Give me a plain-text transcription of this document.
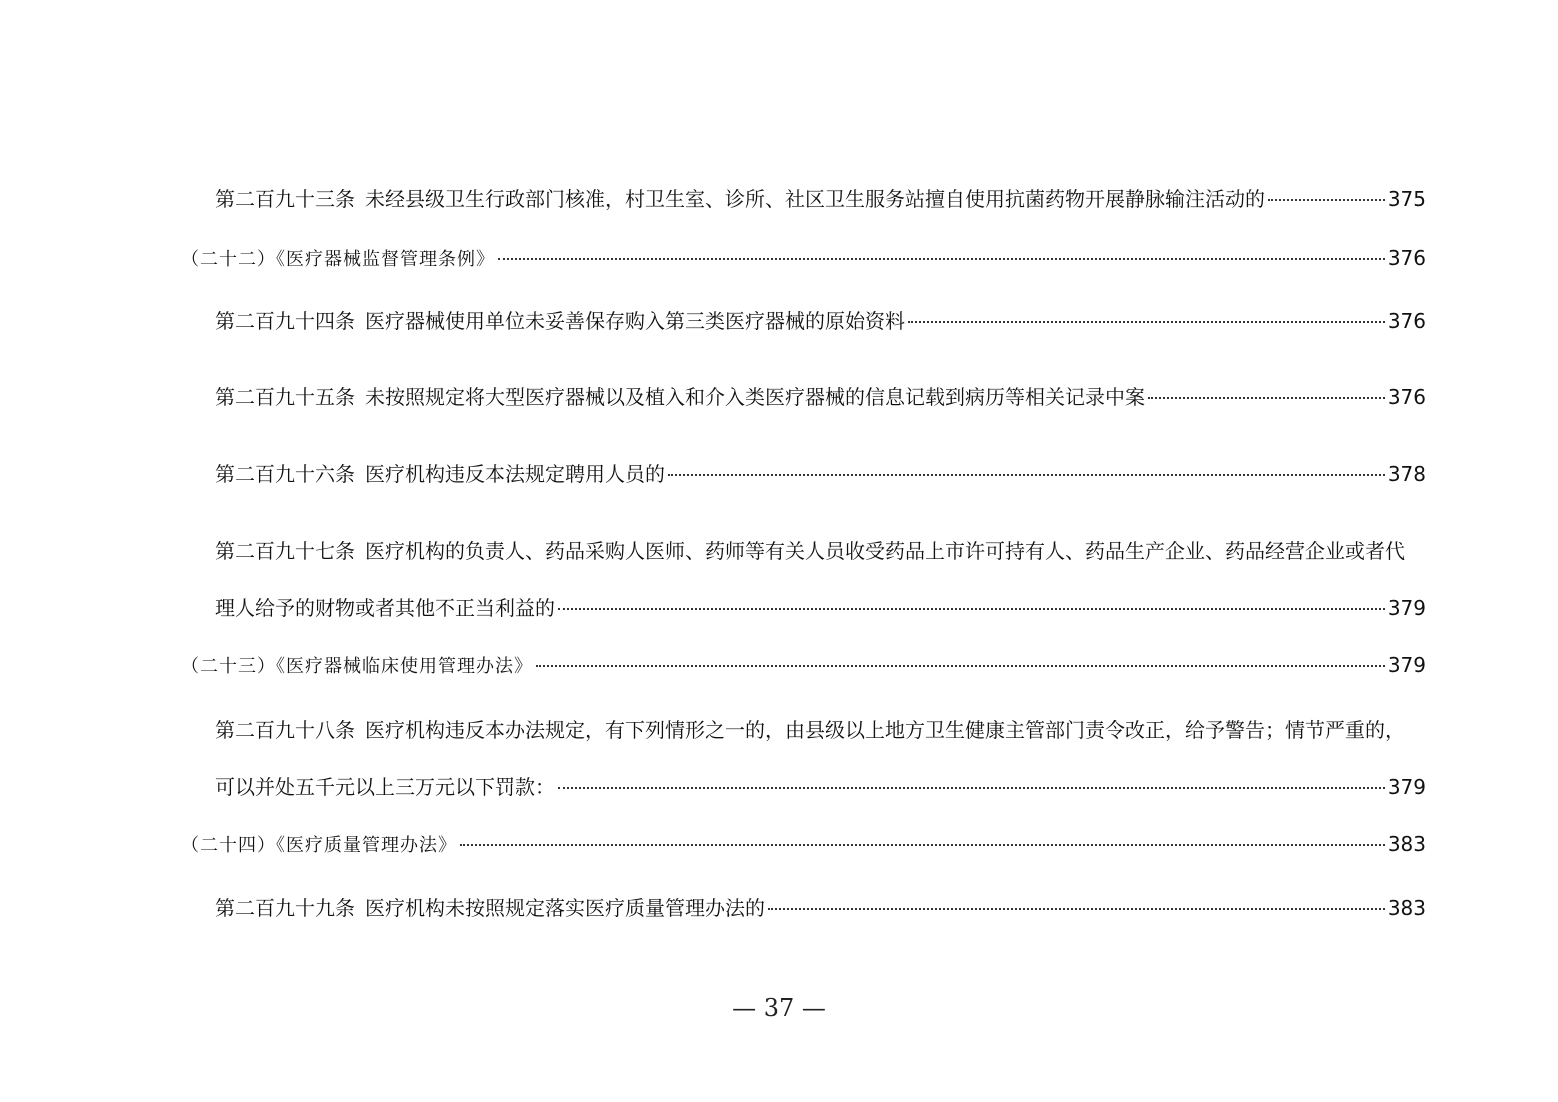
第二百九十三条 未经县级卫生行政部门核准，村卫生室、诊所、社区卫生服务站擅自使用抗菌药物开展静脉输注活动的	375
（二十二）《医疗器械监督管理条例》	376
第二百九十四条 医疗器械使用单位未妥善保存购入第三类医疗器械的原始资料	376
第二百九十五条 未按照规定将大型医疗器械以及植入和介入类医疗器械的信息记载到病历等相关记录中案	376
第二百九十六条 医疗机构违反本法规定聘用人员的	378
第二百九十七条 医疗机构的负责人、药品采购人医师、药师等有关人员收受药品上市许可持有人、药品生产企业、药品经营企业或者代
理人给予的财物或者其他不正当利益的	379
（二十三）《医疗器械临床使用管理办法》	379
第二百九十八条 医疗机构违反本办法规定，有下列情形之一的，由县级以上地方卫生健康主管部门责令改正，给予警告；情节严重的，
可以并处五千元以上三万元以下罚款：	379
（二十四）《医疗质量管理办法》	383
第二百九十九条 医疗机构未按照规定落实医疗质量管理办法的	383
— 37 —
